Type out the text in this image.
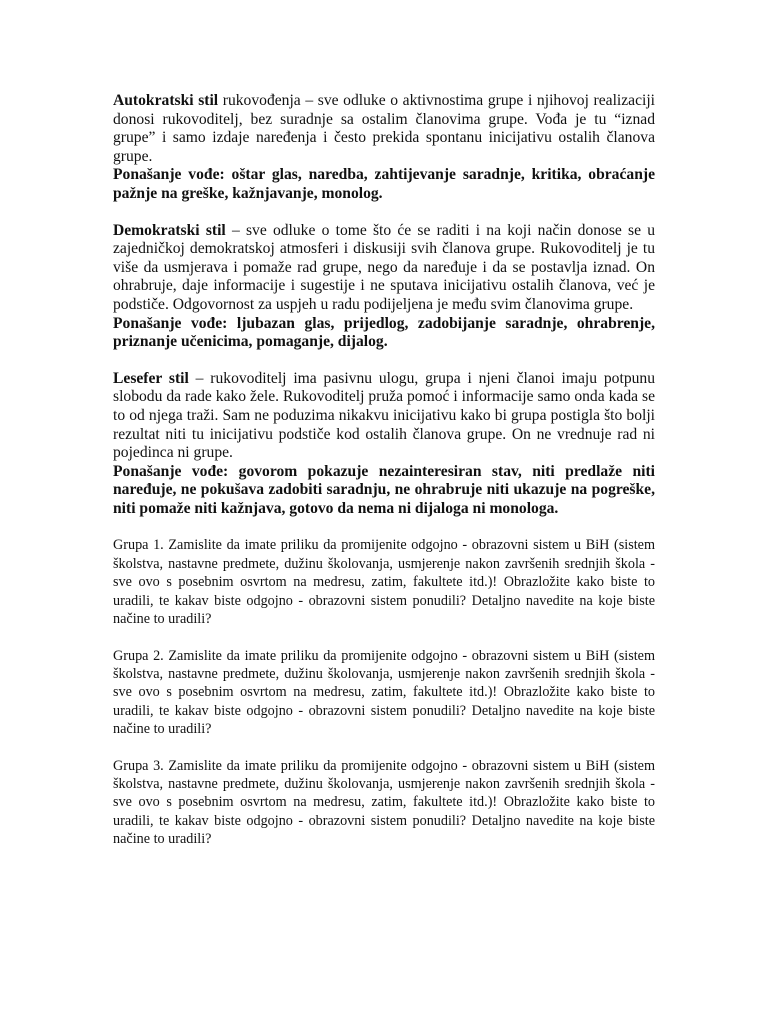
Autokratski stil rukovođenja – sve odluke o aktivnostima grupe i njihovoj realizaciji donosi rukovoditelj, bez suradnje sa ostalim članovima grupe. Vođa je tu “iznad grupe” i samo izdaje naređenja i često prekida spontanu inicijativu ostalih članova grupe.

Ponašanje vođe: oštar glas, naredba, zahtijevanje saradnje, kritika, obraćanje pažnje na greške, kažnjavanje, monolog.

Demokratski stil – sve odluke o tome što će se raditi i na koji način donose se u zajedničkoj demokratskoj atmosferi i diskusiji svih članova grupe. Rukovoditelj je tu više da usmjerava i pomaže rad grupe, nego da naređuje i da se postavlja iznad. On ohrabruje, daje informacije i sugestije i ne sputava inicijativu ostalih članova, već je podstiče. Odgovornost za uspjeh u radu podijeljena je među svim članovima grupe.

Ponašanje vođe: ljubazan glas, prijedlog, zadobijanje saradnje, ohrabrenje, priznanje učenicima, pomaganje, dijalog.

Lesefer stil – rukovoditelj ima pasivnu ulogu, grupa i njeni članoi imaju potpunu slobodu da rade kako žele. Rukovoditelj pruža pomoć i informacije samo onda kada se to od njega traži. Sam ne poduzima nikakvu inicijativu kako bi grupa postigla što bolji rezultat niti tu inicijativu podstiče kod ostalih članova grupe. On ne vrednuje rad ni pojedinca ni grupe.

Ponašanje vođe: govorom pokazuje nezainteresiran stav, niti predlaže niti naređuje, ne pokušava zadobiti saradnju, ne ohrabruje niti ukazuje na pogreške, niti pomaže niti kažnjava, gotovo da nema ni dijaloga ni monologa.

Grupa 1. Zamislite da imate priliku da promijenite odgojno - obrazovni sistem u BiH (sistem školstva, nastavne predmete, dužinu školovanja, usmjerenje nakon završenih srednjih škola - sve ovo s posebnim osvrtom na medresu, zatim, fakultete itd.)! Obrazložite kako biste to uradili, te kakav biste odgojno - obrazovni sistem ponudili? Detaljno navedite na koje biste načine to uradili?

Grupa 2. Zamislite da imate priliku da promijenite odgojno - obrazovni sistem u BiH (sistem školstva, nastavne predmete, dužinu školovanja, usmjerenje nakon završenih srednjih škola - sve ovo s posebnim osvrtom na medresu, zatim, fakultete itd.)! Obrazložite kako biste to uradili, te kakav biste odgojno - obrazovni sistem ponudili? Detaljno navedite na koje biste načine to uradili?

Grupa 3. Zamislite da imate priliku da promijenite odgojno - obrazovni sistem u BiH (sistem školstva, nastavne predmete, dužinu školovanja, usmjerenje nakon završenih srednjih škola - sve ovo s posebnim osvrtom na medresu, zatim, fakultete itd.)! Obrazložite kako biste to uradili, te kakav biste odgojno - obrazovni sistem ponudili? Detaljno navedite na koje biste načine to uradili?
